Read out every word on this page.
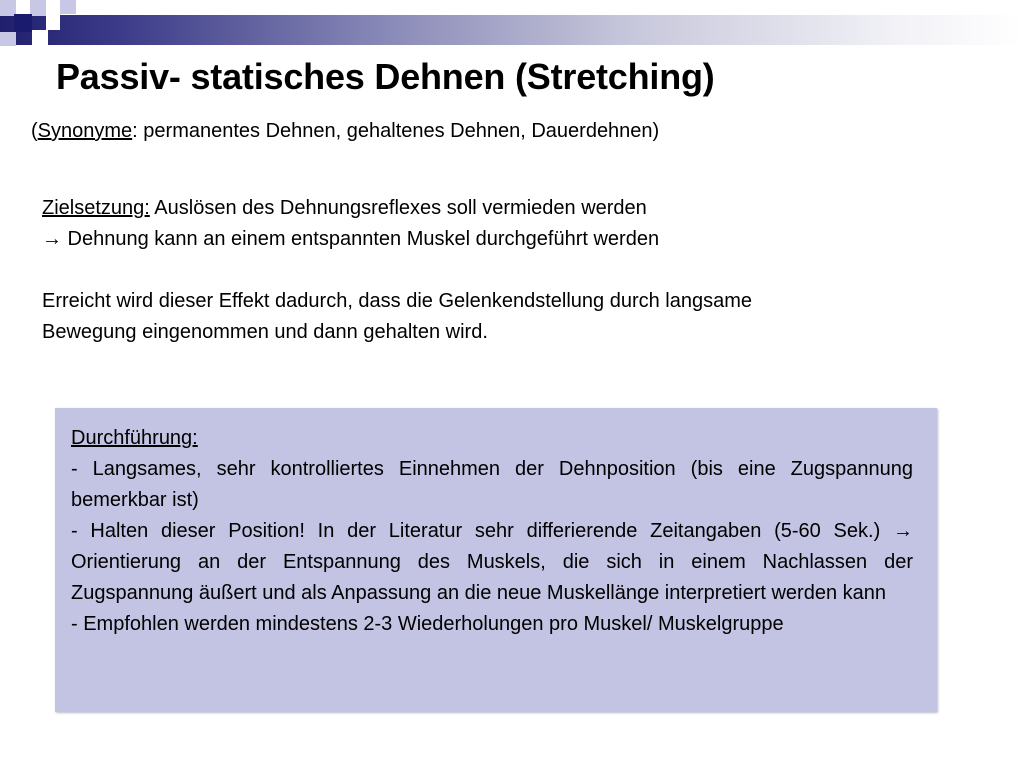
Passiv- statisches Dehnen (Stretching)
(Synonyme: permanentes Dehnen, gehaltenes Dehnen, Dauerdehnen)
Zielsetzung: Auslösen des Dehnungsreflexes soll vermieden werden
→ Dehnung kann an einem entspannten Muskel durchgeführt werden
Erreicht wird dieser Effekt dadurch, dass die Gelenkendstellung durch langsame
Bewegung eingenommen und dann gehalten wird.
Durchführung:
- Langsames, sehr kontrolliertes Einnehmen der Dehnposition (bis eine Zugspannung bemerkbar ist)
- Halten dieser Position! In der Literatur sehr differierende Zeitangaben (5-60 Sek.) → Orientierung an der Entspannung des Muskels, die sich in einem Nachlassen der Zugspannung äußert und als Anpassung an die neue Muskellänge interpretiert werden kann
- Empfohlen werden mindestens 2-3 Wiederholungen pro Muskel/ Muskelgruppe
